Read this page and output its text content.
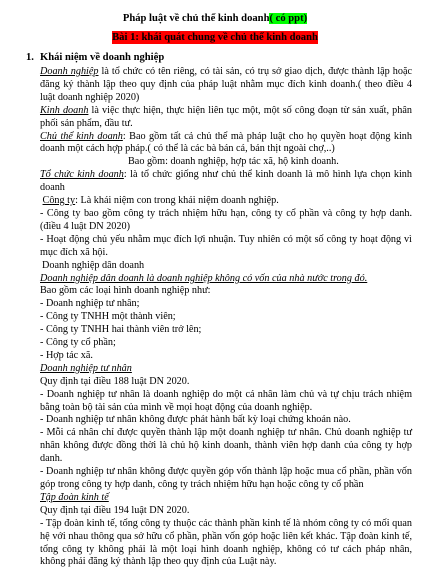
Pháp luật về chủ thể kinh doanh( có ppt)
Bài 1: khái quát chung về chủ thể kinh doanh
1. Khái niệm về doanh nghiệp

Doanh nghiệp là tổ chức có tên riêng, có tài sản, có trụ sở giao dịch, được thành lập hoặc đăng ký thành lập theo quy định của pháp luật nhằm mục đích kinh doanh.( theo điều 4 luật doanh nghiệp 2020)

Kinh doanh là việc thực hiện, thực hiện liên tục một, một số công đoạn từ sản xuất, phân phối sản phẩm, đầu tư.

Chủ thể kinh doanh: Bao gồm tất cả chủ thể mà pháp luật cho họ quyền hoạt động kinh doanh một cách hợp pháp.( có thể là các bà bán cá, bán thịt ngoài chợ,..)

Bao gồm: doanh nghiệp, hợp tác xã, hộ kinh doanh.

Tổ chức kinh doanh: là tổ chức giống như chủ thể kinh doanh là mô hình lựa chọn kinh doanh

Công ty: Là khái niệm con trong khái niệm doanh nghiệp.

- Công ty bao gồm công ty trách nhiệm hữu hạn, công ty cổ phần và công ty hợp danh. (điều 4 luật DN 2020)

- Hoạt động chủ yếu nhằm mục đích lợi nhuận. Tuy nhiên có một số công ty hoạt động vì mục đích xã hội.

Doanh nghiệp dân doanh

Doanh nghiệp dân doanh là doanh nghiệp không có vốn của nhà nước trong đó.

Bao gồm các loại hình doanh nghiệp như:

- Doanh nghiệp tư nhân;

- Công ty TNHH một thành viên;

- Công ty TNHH hai thành viên trở lên;

- Công ty cổ phần;

- Hợp tác xã.

Doanh nghiệp tư nhân

Quy định tại điều 188 luật DN 2020.

- Doanh nghiệp tư nhân là doanh nghiệp do một cá nhân làm chủ và tự chịu trách nhiệm bằng toàn bộ tài sản của mình về mọi hoạt động của doanh nghiệp.

- Doanh nghiệp tư nhân không được phát hành bất kỳ loại chứng khoán nào.

- Mỗi cá nhân chỉ được quyền thành lập một doanh nghiệp tư nhân. Chủ doanh nghiệp tư nhân không được đồng thời là chủ hộ kinh doanh, thành viên hợp danh của công ty hợp danh.

- Doanh nghiệp tư nhân không được quyền góp vốn thành lập hoặc mua cổ phần, phần vốn góp trong công ty hợp danh, công ty trách nhiệm hữu hạn hoặc công ty cổ phần

Tập đoàn kinh tế

Quy định tại điều 194 luật DN 2020.

- Tập đoàn kinh tế, tổng công ty thuộc các thành phần kinh tế là nhóm công ty có mối quan hệ với nhau thông qua sở hữu cổ phần, phần vốn góp hoặc liên kết khác. Tập đoàn kinh tế, tổng công ty không phải là một loại hình doanh nghiệp, không có tư cách pháp nhân, không phải đăng ký thành lập theo quy định của Luật này.
